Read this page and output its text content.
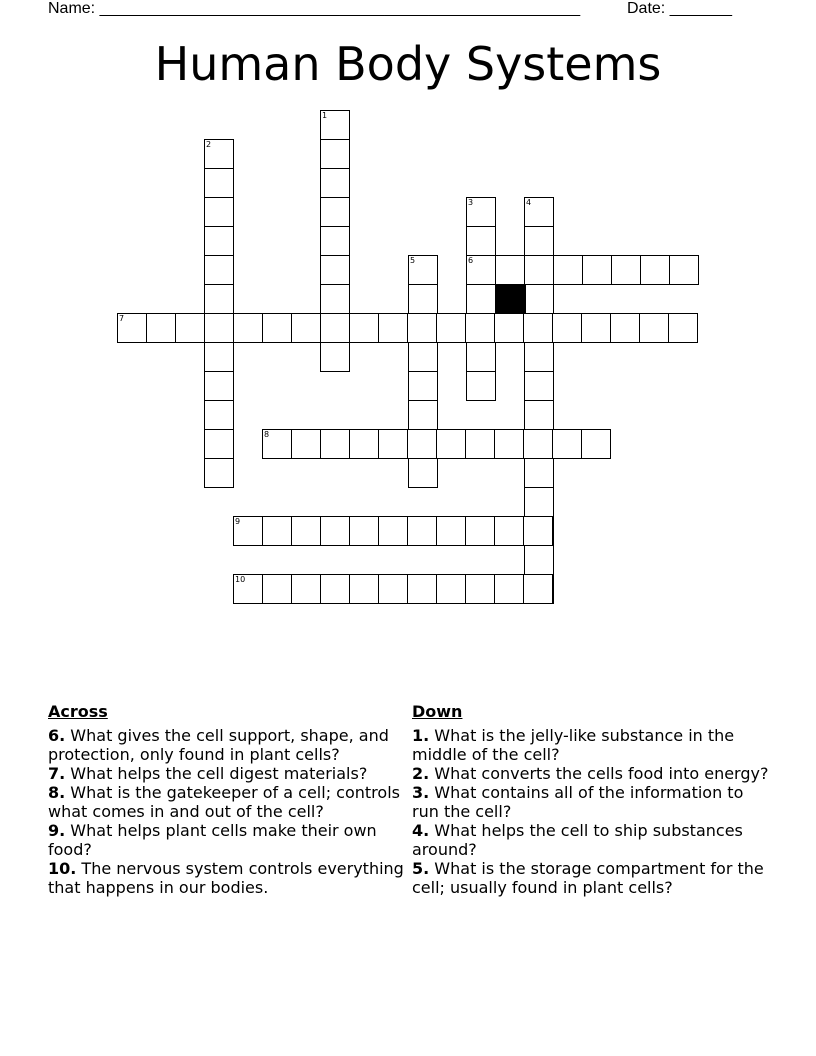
Name: ______________________________________________________	Date: _______
Human Body Systems
1
2
3
6
4
5
7
8
9
10
Across
6. What gives the cell support, shape, and protection, only found in plant cells?
7. What helps the cell digest materials?
8. What is the gatekeeper of a cell; controls what comes in and out of the cell?
9. What helps plant cells make their own food?
10. The nervous system controls everything that happens in our bodies.
Down
1. What is the jelly-like substance in the middle of the cell?
2. What converts the cells food into energy?
3. What contains all of the information to run the cell?
4. What helps the cell to ship substances around?
5. What is the storage compartment for the cell; usually found in plant cells?
